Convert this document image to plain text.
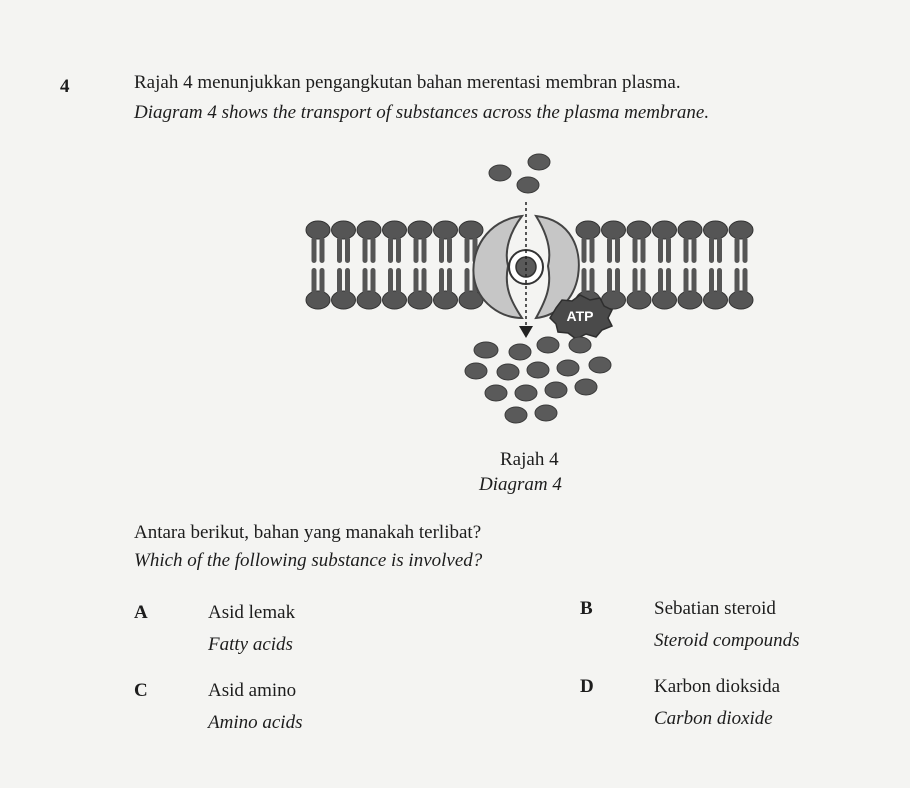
4	Rajah 4 menunjukkan pengangkutan bahan merentasi membran plasma.
Diagram 4 shows the transport of substances across the plasma membrane.
ATP
Rajah 4
Diagram 4
Antara berikut, bahan yang manakah terlibat?
Which of the following substance is involved?
A	Asid lemak
Fatty acids
B	Sebatian steroid
Steroid compounds
C	Asid amino
Amino acids
D	Karbon dioksida
Carbon dioxide
